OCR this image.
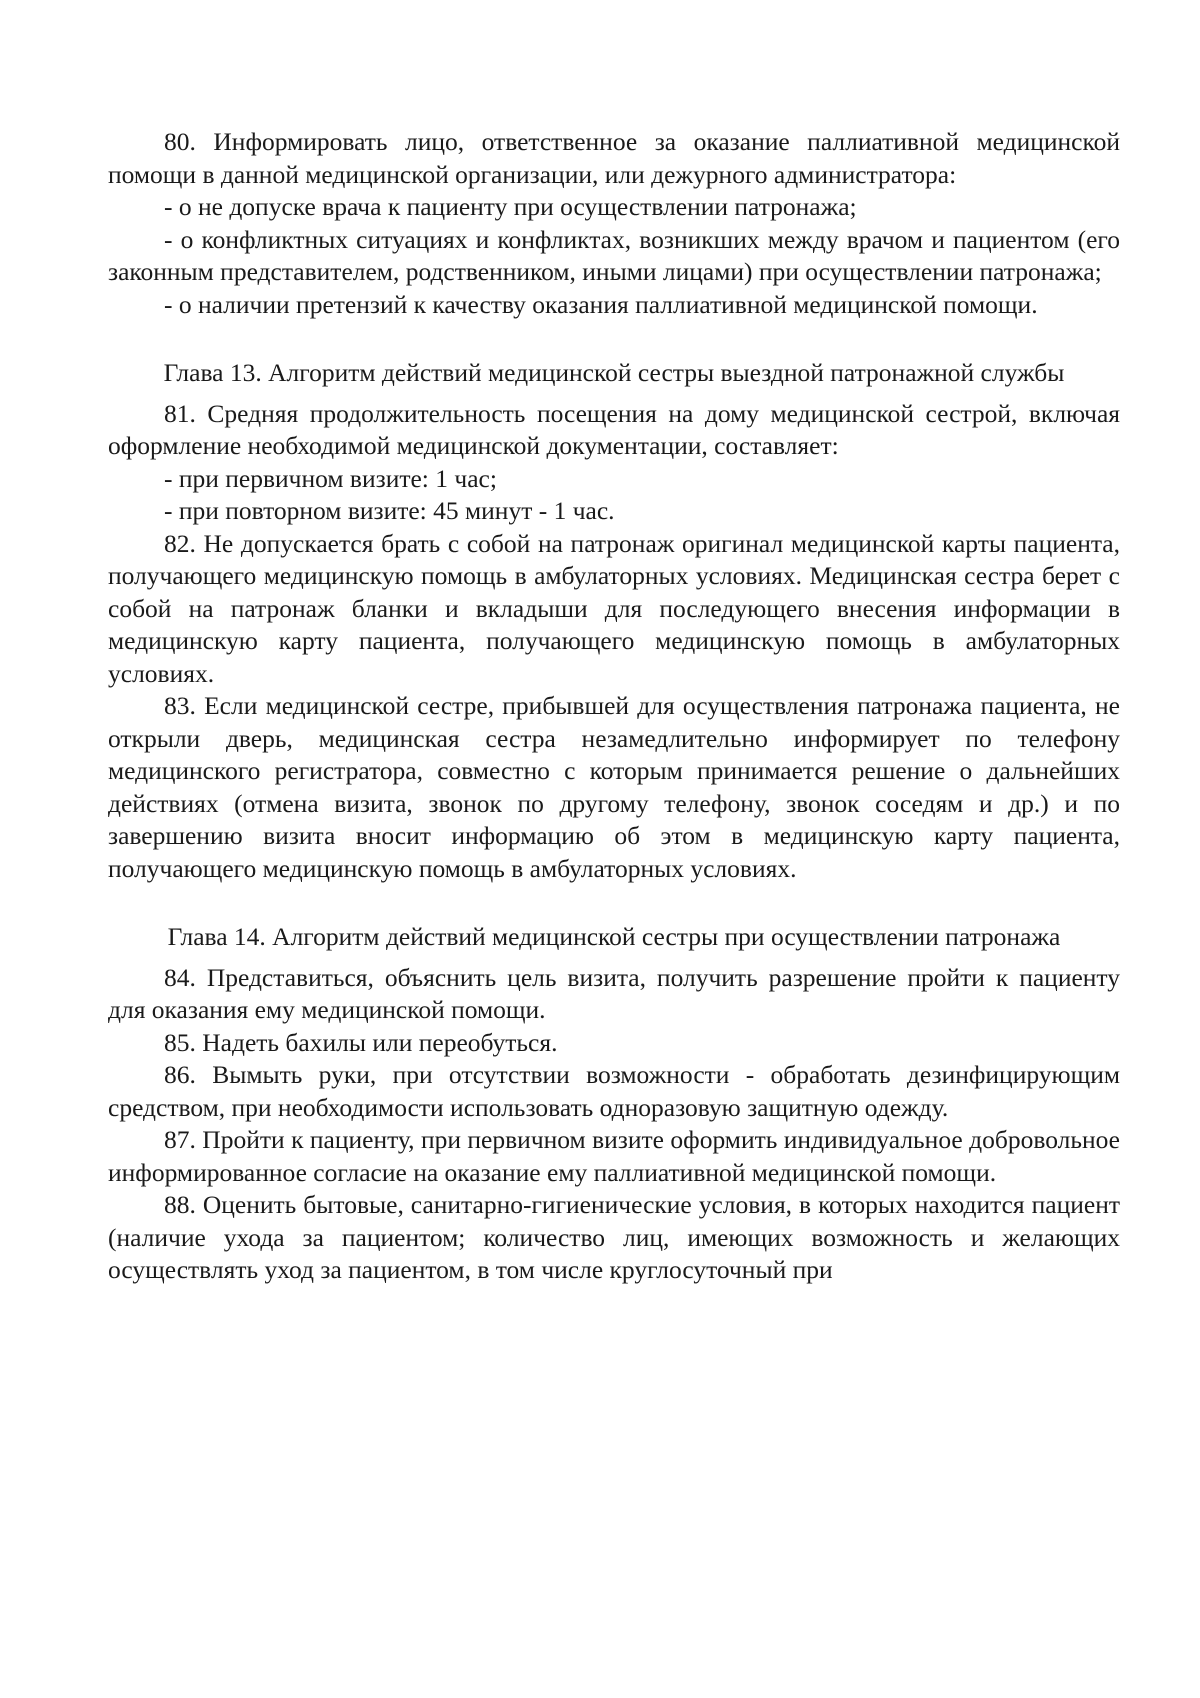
80. Информировать лицо, ответственное за оказание паллиативной медицинской помощи в данной медицинской организации, или дежурного администратора:

- о не допуске врача к пациенту при осуществлении патронажа;

- о конфликтных ситуациях и конфликтах, возникших между врачом и пациентом (его законным представителем, родственником, иными лицами) при осуществлении патронажа;

- о наличии претензий к качеству оказания паллиативной медицинской помощи.

Глава 13. Алгоритм действий медицинской сестры выездной патронажной службы

81. Средняя продолжительность посещения на дому медицинской сестрой, включая оформление необходимой медицинской документации, составляет:

- при первичном визите: 1 час;

- при повторном визите: 45 минут - 1 час.

82. Не допускается брать с собой на патронаж оригинал медицинской карты пациента, получающего медицинскую помощь в амбулаторных условиях. Медицинская сестра берет с собой на патронаж бланки и вкладыши для последующего внесения информации в медицинскую карту пациента, получающего медицинскую помощь в амбулаторных условиях.

83. Если медицинской сестре, прибывшей для осуществления патронажа пациента, не открыли дверь, медицинская сестра незамедлительно информирует по телефону медицинского регистратора, совместно с которым принимается решение о дальнейших действиях (отмена визита, звонок по другому телефону, звонок соседям и др.) и по завершению визита вносит информацию об этом в медицинскую карту пациента, получающего медицинскую помощь в амбулаторных условиях.

Глава 14. Алгоритм действий медицинской сестры при осуществлении патронажа

84. Представиться, объяснить цель визита, получить разрешение пройти к пациенту для оказания ему медицинской помощи.

85. Надеть бахилы или переобуться.

86. Вымыть руки, при отсутствии возможности - обработать дезинфицирующим средством, при необходимости использовать одноразовую защитную одежду.

87. Пройти к пациенту, при первичном визите оформить индивидуальное добровольное информированное согласие на оказание ему паллиативной медицинской помощи.

88. Оценить бытовые, санитарно-гигиенические условия, в которых находится пациент (наличие ухода за пациентом; количество лиц, имеющих возможность и желающих осуществлять уход за пациентом, в том числе круглосуточный при
